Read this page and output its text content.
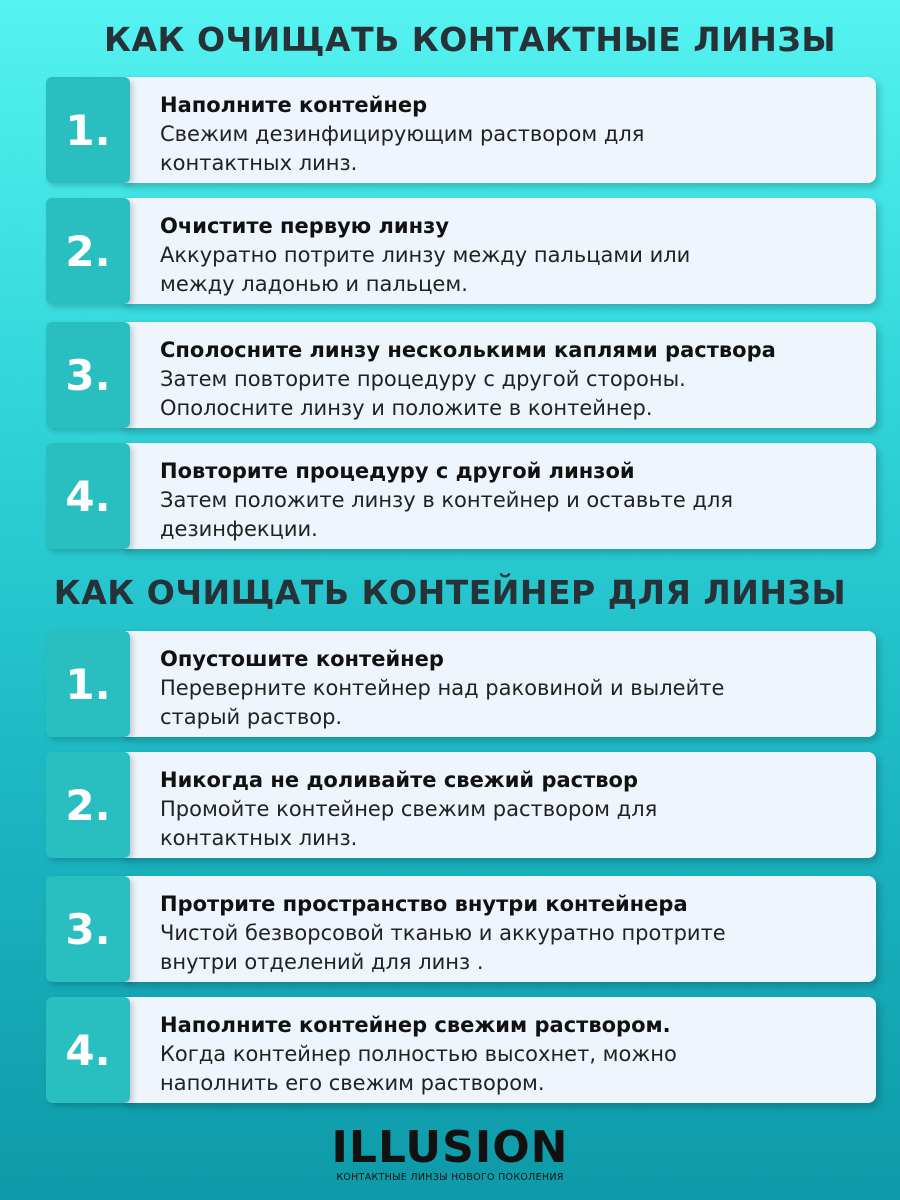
КАК ОЧИЩАТЬ КОНТАКТНЫЕ ЛИНЗЫ
1.
Наполните контейнер
Свежим дезинфицирующим раствором для
контактных линз.
2.
Очистите первую линзу
Аккуратно потрите линзу между пальцами или
между ладонью и пальцем.
3.
Сполосните линзу несколькими каплями раствора
Затем повторите процедуру с другой стороны.
Ополосните линзу и положите в контейнер.
4.
Повторите процедуру с другой линзой
Затем положите линзу в контейнер и оставьте для
дезинфекции.
КАК ОЧИЩАТЬ КОНТЕЙНЕР ДЛЯ ЛИНЗЫ
1.
Опустошите контейнер
Переверните контейнер над раковиной и вылейте
старый раствор.
2.
Никогда не доливайте свежий раствор
Промойте контейнер свежим раствором для
контактных линз.
3.
Протрите пространство внутри контейнера
Чистой безворсовой тканью и аккуратно протрите
внутри отделений для линз .
4.
Наполните контейнер свежим раствором.
Когда контейнер полностью высохнет, можно
наполнить его свежим раствором.
ILLUSION
КОНТАКТНЫЕ ЛИНЗЫ НОВОГО ПОКОЛЕНИЯ
